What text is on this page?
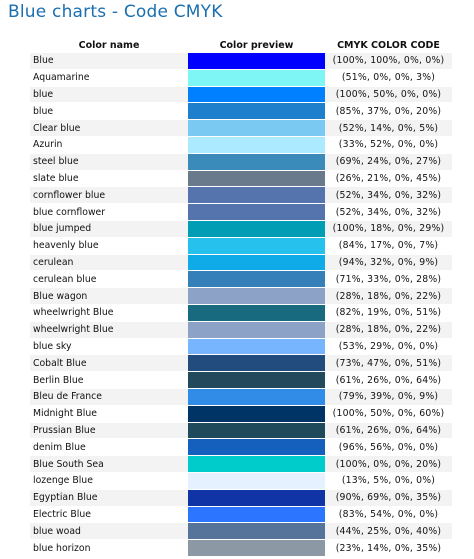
Blue charts - Code CMYK
Color name	Color preview	CMYK COLOR CODE
Blue	(100%, 100%, 0%, 0%)
Aquamarine	(51%, 0%, 0%, 3%)
blue	(100%, 50%, 0%, 0%)
blue	(85%, 37%, 0%, 20%)
Clear blue	(52%, 14%, 0%, 5%)
Azurin	(33%, 52%, 0%, 0%)
steel blue	(69%, 24%, 0%, 27%)
slate blue	(26%, 21%, 0%, 45%)
cornflower blue	(52%, 34%, 0%, 32%)
blue cornflower	(52%, 34%, 0%, 32%)
blue jumped	(100%, 18%, 0%, 29%)
heavenly blue	(84%, 17%, 0%, 7%)
cerulean	(94%, 32%, 0%, 9%)
cerulean blue	(71%, 33%, 0%, 28%)
Blue wagon	(28%, 18%, 0%, 22%)
wheelwright Blue	(82%, 19%, 0%, 51%)
wheelwright Blue	(28%, 18%, 0%, 22%)
blue sky	(53%, 29%, 0%, 0%)
Cobalt Blue	(73%, 47%, 0%, 51%)
Berlin Blue	(61%, 26%, 0%, 64%)
Bleu de France	(79%, 39%, 0%, 9%)
Midnight Blue	(100%, 50%, 0%, 60%)
Prussian Blue	(61%, 26%, 0%, 64%)
denim Blue	(96%, 56%, 0%, 0%)
Blue South Sea	(100%, 0%, 0%, 20%)
lozenge Blue	(13%, 5%, 0%, 0%)
Egyptian Blue	(90%, 69%, 0%, 35%)
Electric Blue	(83%, 54%, 0%, 0%)
blue woad	(44%, 25%, 0%, 40%)
blue horizon	(23%, 14%, 0%, 35%)
